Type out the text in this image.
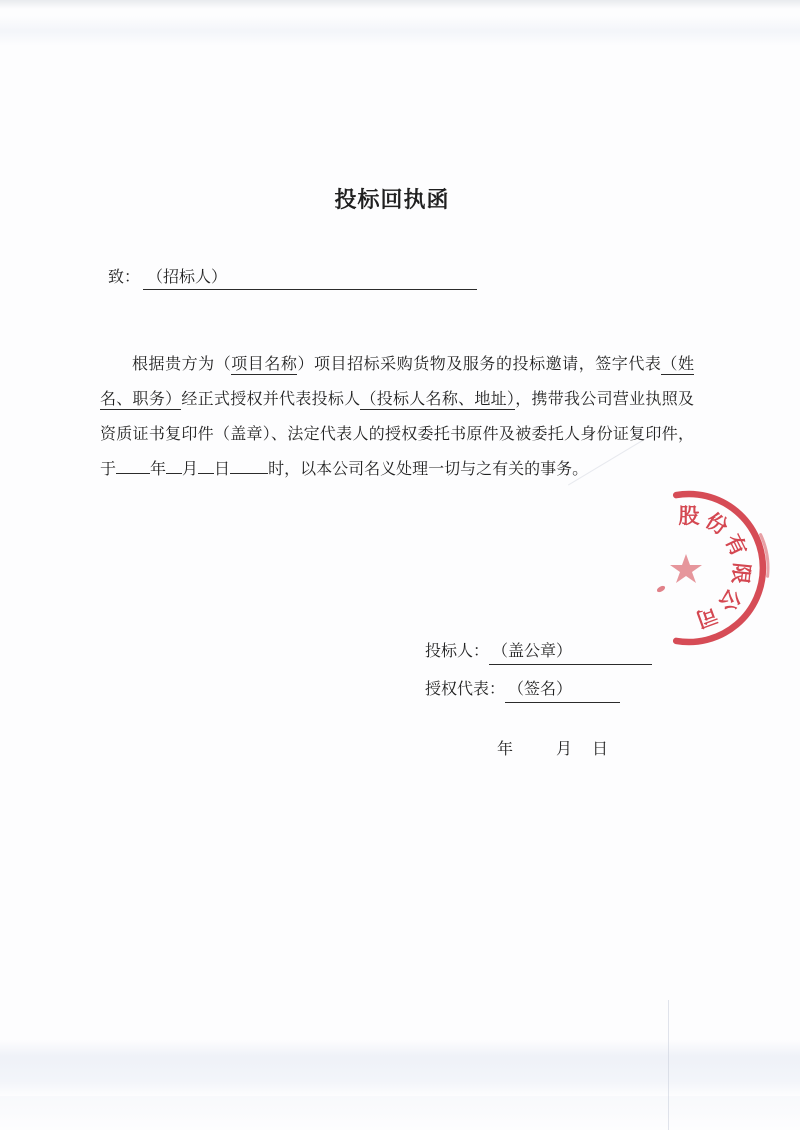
投标回执函
致： （招标人）
根据贵方为（项目名称）项目招标采购货物及服务的投标邀请，签字代表（姓名、职务）经正式授权并代表投标人（投标人名称、地址），携带我公司营业执照及资质证书复印件（盖章）、法定代表人的授权委托书原件及被委托人身份证复印件，于 年 月 日 时，以本公司名义处理一切与之有关的事务。
投标人： （盖公章）
授权代表： （签名）
年	月 日
股 份
有
限
公
司
